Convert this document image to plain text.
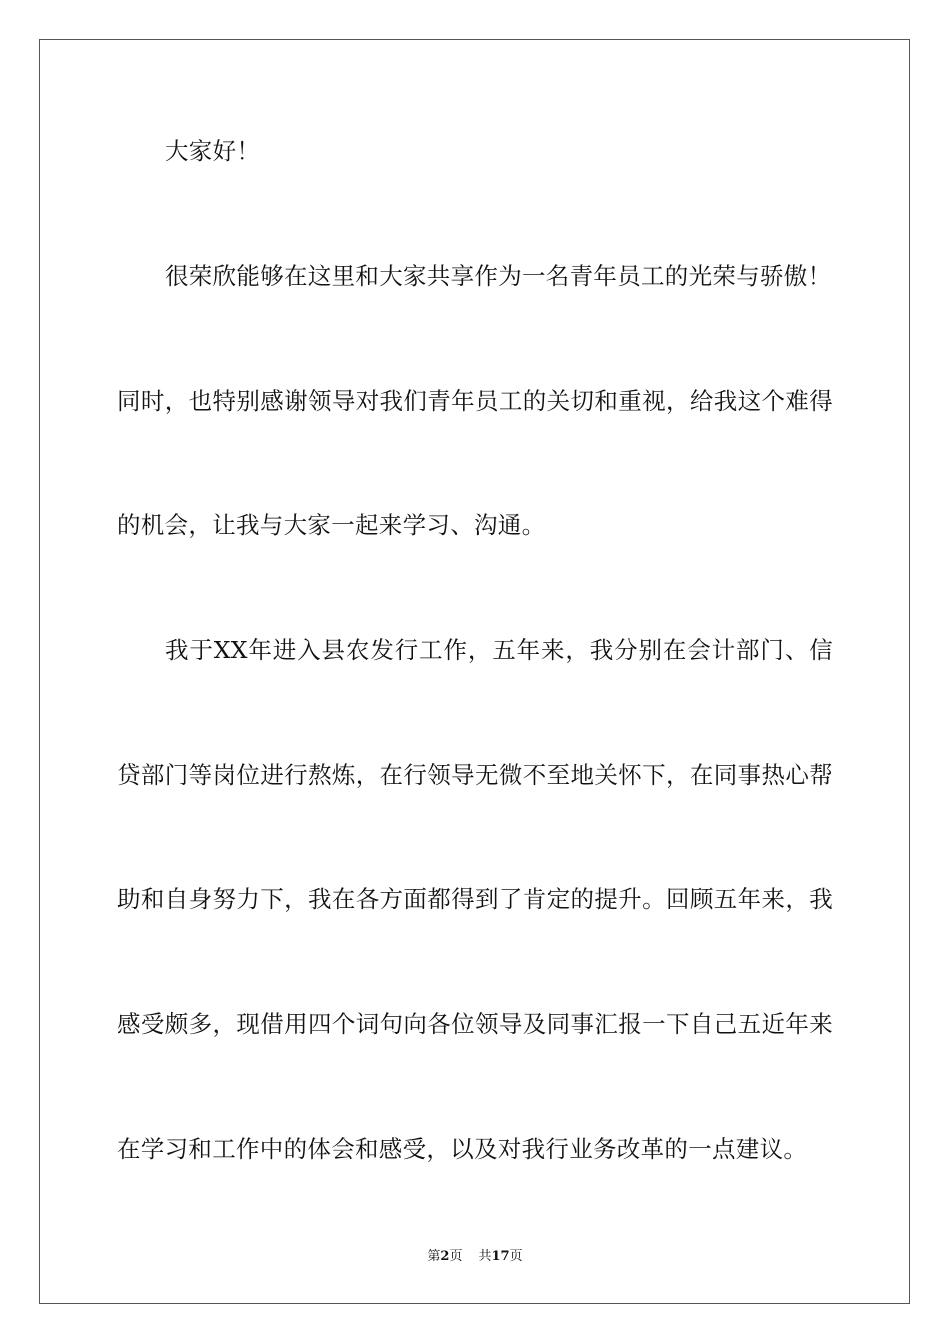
大家好！
很荣欣能够在这里和大家共享作为一名青年员工的光荣与骄傲！
同时，也特别感谢领导对我们青年员工的关切和重视，给我这个难得
的机会，让我与大家一起来学习、沟通。
我于XX年进入县农发行工作，五年来，我分别在会计部门、信
贷部门等岗位进行熬炼，在行领导无微不至地关怀下，在同事热心帮
助和自身努力下，我在各方面都得到了肯定的提升。回顾五年来，我
感受颇多，现借用四个词句向各位领导及同事汇报一下自己五近年来
在学习和工作中的体会和感受，以及对我行业务改革的一点建议。
第2页 共17页
